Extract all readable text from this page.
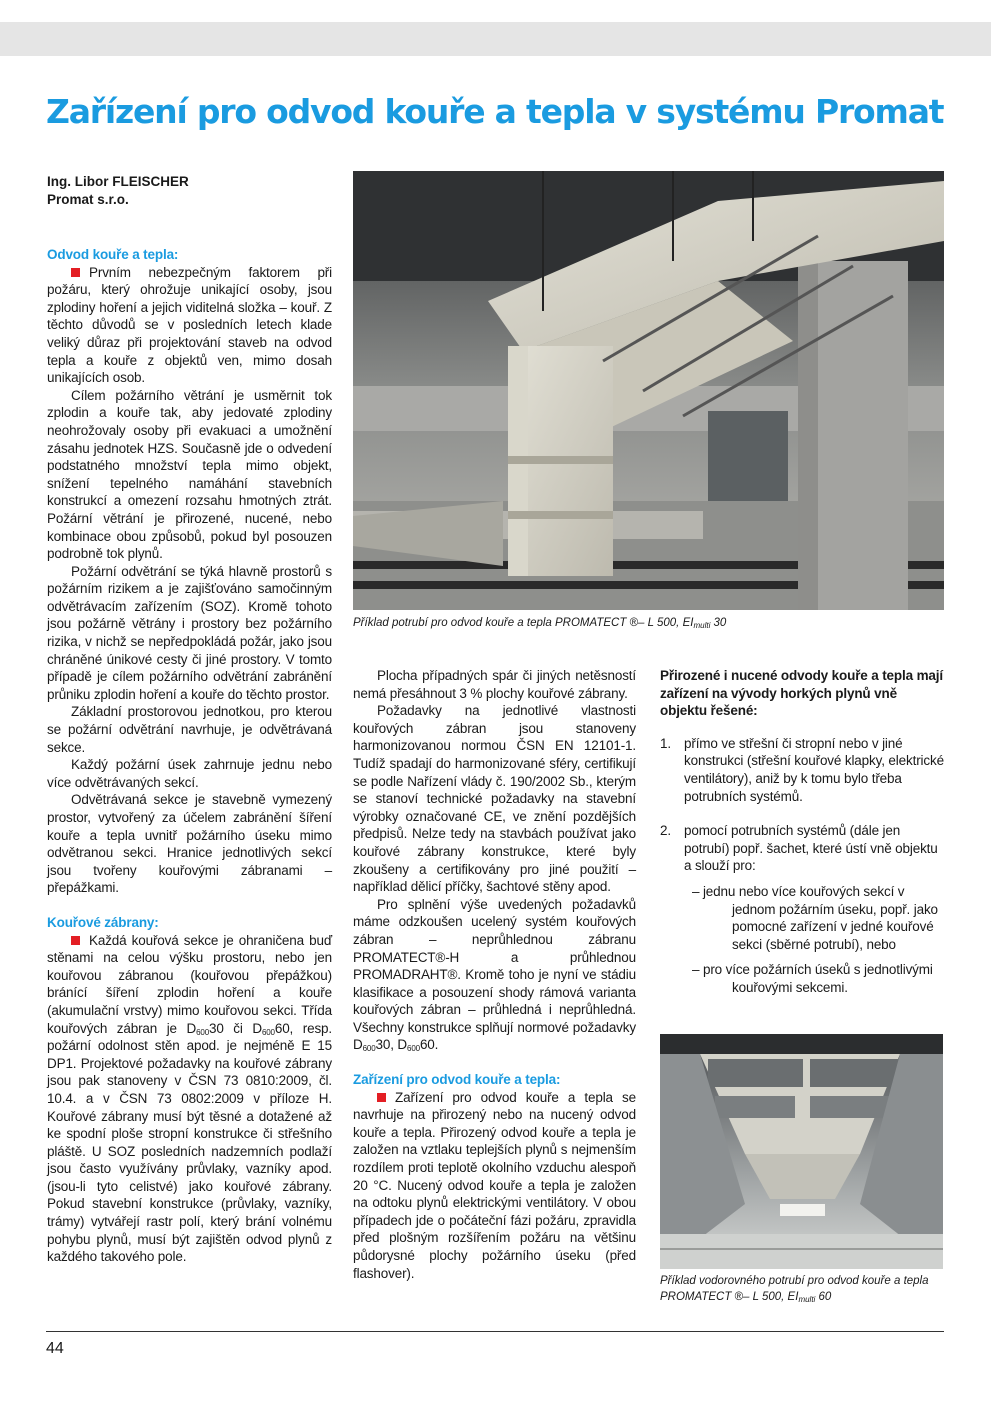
Zařízení pro odvod kouře a tepla v systému Promat
Ing. Libor FLEISCHER
Promat s.r.o.
Odvod kouře a tepla:

Prvním nebezpečným faktorem při požáru, který ohrožuje unikající osoby, jsou zplodiny hoření a jejich viditelná složka – kouř. Z těchto důvodů se v posledních letech klade veliký důraz při projektování staveb na odvod tepla a kouře z objektů ven, mimo dosah unikajících osob.

Cílem požárního větrání je usměrnit tok zplodin a kouře tak, aby jedovaté zplodiny neohrožovaly osoby při evakuaci a umožnění zásahu jednotek HZS. Současně jde o odvedení podstatného množství tepla mimo objekt, snížení tepelného namáhání stavebních konstrukcí a omezení rozsahu hmotných ztrát. Požární větrání je přirozené, nucené, nebo kombinace obou způsobů, pokud byl posouzen podrobně tok plynů.

Požární odvětrání se týká hlavně prostorů s požárním rizikem a je zajišťováno samočinným odvětrávacím zařízením (SOZ). Kromě tohoto jsou požárně větrány i prostory bez požárního rizika, v nichž se nepředpokládá požár, jako jsou chráněné únikové cesty či jiné prostory. V tomto případě je cílem požárního odvětrání zabránění průniku zplodin hoření a kouře do těchto prostor.

Základní prostorovou jednotkou, pro kterou se požární odvětrání navrhuje, je odvětrávaná sekce.

Každý požární úsek zahrnuje jednu nebo více odvětrávaných sekcí.

Odvětrávaná sekce je stavebně vymezený prostor, vytvořený za účelem zabránění šíření kouře a tepla uvnitř požárního úseku mimo odvětranou sekci. Hranice jednotlivých sekcí jsou tvořeny kouřovými zábranami – přepážkami.

Kouřové zábrany:

Každá kouřová sekce je ohraničena buď stěnami na celou výšku prostoru, nebo jen kouřovou zábranou (kouřovou přepážkou) bránící šíření zplodin hoření a kouře (akumulační vrstvy) mimo kouřovou sekci. Třída kouřových zábran je $D_{600}30$ či $D_{600}60$, resp. požární odolnost stěn apod. je nejméně E 15 DP1. Projektové požadavky na kouřové zábrany jsou pak stanoveny v ČSN 73 0810:2009, čl. 10.4. a v ČSN 73 0802:2009 v příloze H. Kouřové zábrany musí být těsné a dotažené až ke spodní ploše stropní konstrukce či střešního pláště. U SOZ posledních nadzemních podlaží jsou často využívány průvlaky, vazníky apod. (jsou-li tyto celistvé) jako kouřové zábrany. Pokud stavební konstrukce (průvlaky, vazníky, trámy) vytvářejí rastr polí, který brání volnému pohybu plynů, musí být zajištěn odvod plynů z každého takového pole.

Příklad potrubí pro odvod kouře a tepla PROMATECT ®– L 500, $EI_{multi}$ 30

Plocha případných spár či jiných netěsností nemá přesáhnout 3 % plochy kouřové zábrany.

Požadavky na jednotlivé vlastnosti kouřových zábran jsou stanoveny harmonizovanou normou ČSN EN 12101-1. Tudíž spadají do harmonizované sféry, certifikují se podle Nařízení vlády č. 190/2002 Sb., kterým se stanoví technické požadavky na stavební výrobky označované CE, ve znění pozdějších předpisů. Nelze tedy na stavbách používat jako kouřové zábrany konstrukce, které byly zkoušeny a certifikovány pro jiné použití – například dělicí příčky, šachtové stěny apod.

Pro splnění výše uvedených požadavků máme odzkoušen ucelený systém kouřových zábran – neprůhlednou zábranu PROMATECT®-H a průhlednou PROMADRAHT®. Kromě toho je nyní ve stádiu klasifikace a posouzení shody rámová varianta kouřových zábran – průhledná i neprůhledná. Všechny konstrukce splňují normové požadavky $D_{600}30$, $D_{600}60$.

Zařízení pro odvod kouře a tepla:

Zařízení pro odvod kouře a tepla se navrhuje na přirozený nebo na nucený odvod kouře a tepla. Přirozený odvod kouře a tepla je založen na vztlaku teplejších plynů s nejmenším rozdílem proti teplotě okolního vzduchu alespoň 20 °C. Nucený odvod kouře a tepla je založen na odtoku plynů elektrickými ventilátory. V obou případech jde o počáteční fázi požáru, zpravidla před plošným rozšířením požáru na většinu půdorysné plochy požárního úseku (před flashover).

Přirozené i nucené odvody kouře a tepla mají zařízení na vývody horkých plynů vně objektu řešené:

1. přímo ve střešní či stropní nebo v jiné konstrukci (střešní kouřové klapky, elektrické ventilátory), aniž by k tomu bylo třeba potrubních systémů.
2. pomocí potrubních systémů (dále jen potrubí) popř. šachet, které ústí vně objektu a slouží pro:
– jednu nebo více kouřových sekcí v jednom požárním úseku, popř. jako pomocné zařízení v jedné kouřové sekci (sběrné potrubí), nebo
– pro více požárních úseků s jednotlivými kouřovými sekcemi.
Příklad vodorovného potrubí pro odvod kouře a tepla
PROMATECT ®– L 500, $EI_{multi}$ 60
44
